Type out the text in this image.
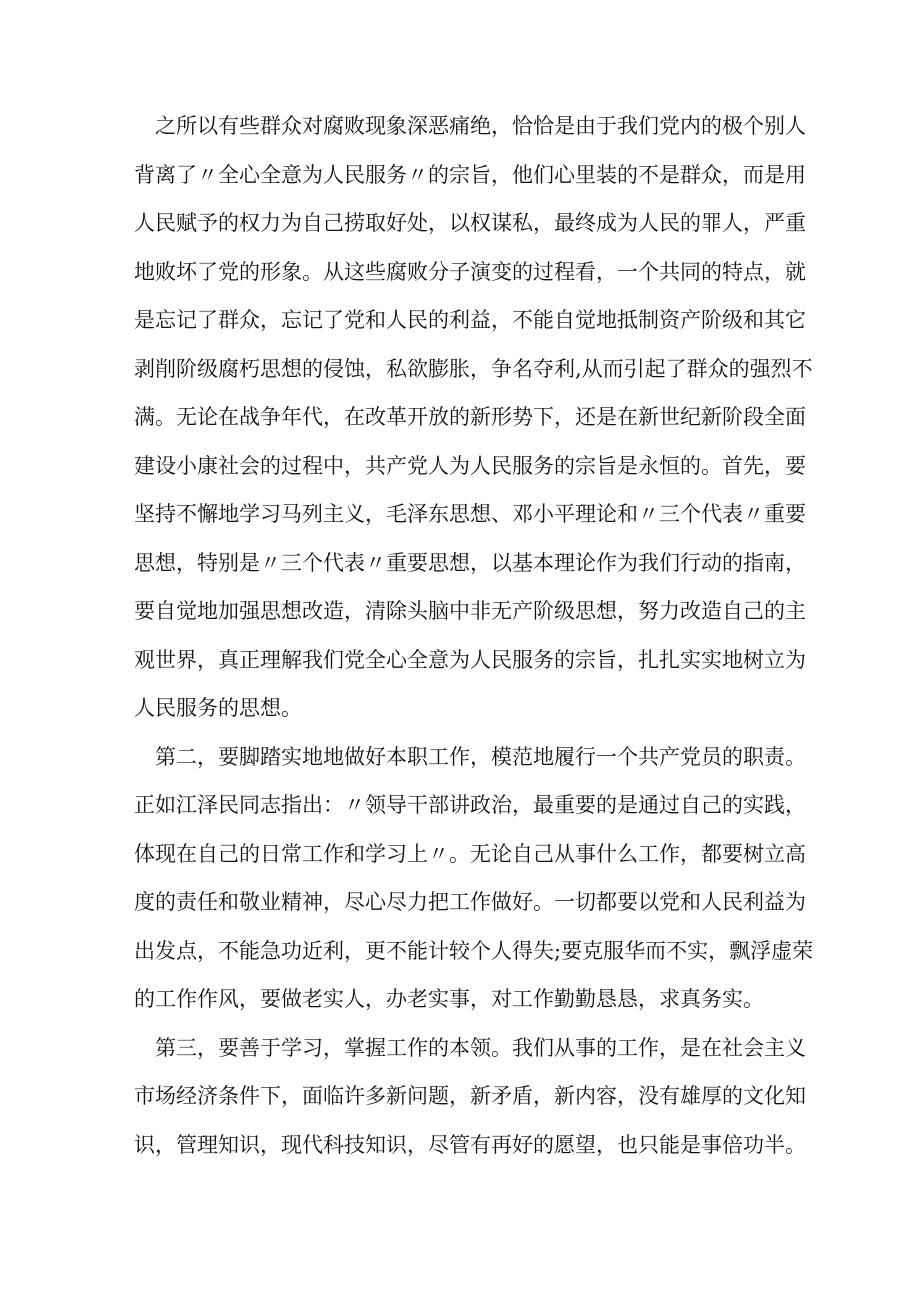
之所以有些群众对腐败现象深恶痛绝，恰恰是由于我们党内的极个别人
背离了〃全心全意为人民服务〃的宗旨，他们心里装的不是群众，而是用
人民赋予的权力为自己捞取好处，以权谋私，最终成为人民的罪人，严重
地败坏了党的形象。从这些腐败分子演变的过程看，一个共同的特点，就
是忘记了群众，忘记了党和人民的利益，不能自觉地抵制资产阶级和其它
剥削阶级腐朽思想的侵蚀，私欲膨胀，争名夺利,从而引起了群众的强烈不
满。无论在战争年代，在改革开放的新形势下，还是在新世纪新阶段全面
建设小康社会的过程中，共产党人为人民服务的宗旨是永恒的。首先，要
坚持不懈地学习马列主义，毛泽东思想、邓小平理论和〃三个代表〃重要
思想，特别是〃三个代表〃重要思想，以基本理论作为我们行动的指南，
要自觉地加强思想改造，清除头脑中非无产阶级思想，努力改造自己的主
观世界，真正理解我们党全心全意为人民服务的宗旨，扎扎实实地树立为
人民服务的思想。
第二，要脚踏实地地做好本职工作，模范地履行一个共产党员的职责。
正如江泽民同志指出：〃领导干部讲政治，最重要的是通过自己的实践，
体现在自己的日常工作和学习上〃。无论自己从事什么工作，都要树立高
度的责任和敬业精神，尽心尽力把工作做好。一切都要以党和人民利益为
出发点，不能急功近利，更不能计较个人得失;要克服华而不实，飘浮虚荣
的工作作风，要做老实人，办老实事，对工作勤勤恳恳，求真务实。
第三，要善于学习，掌握工作的本领。我们从事的工作，是在社会主义
市场经济条件下，面临许多新问题，新矛盾，新内容，没有雄厚的文化知
识，管理知识，现代科技知识，尽管有再好的愿望，也只能是事倍功半。
